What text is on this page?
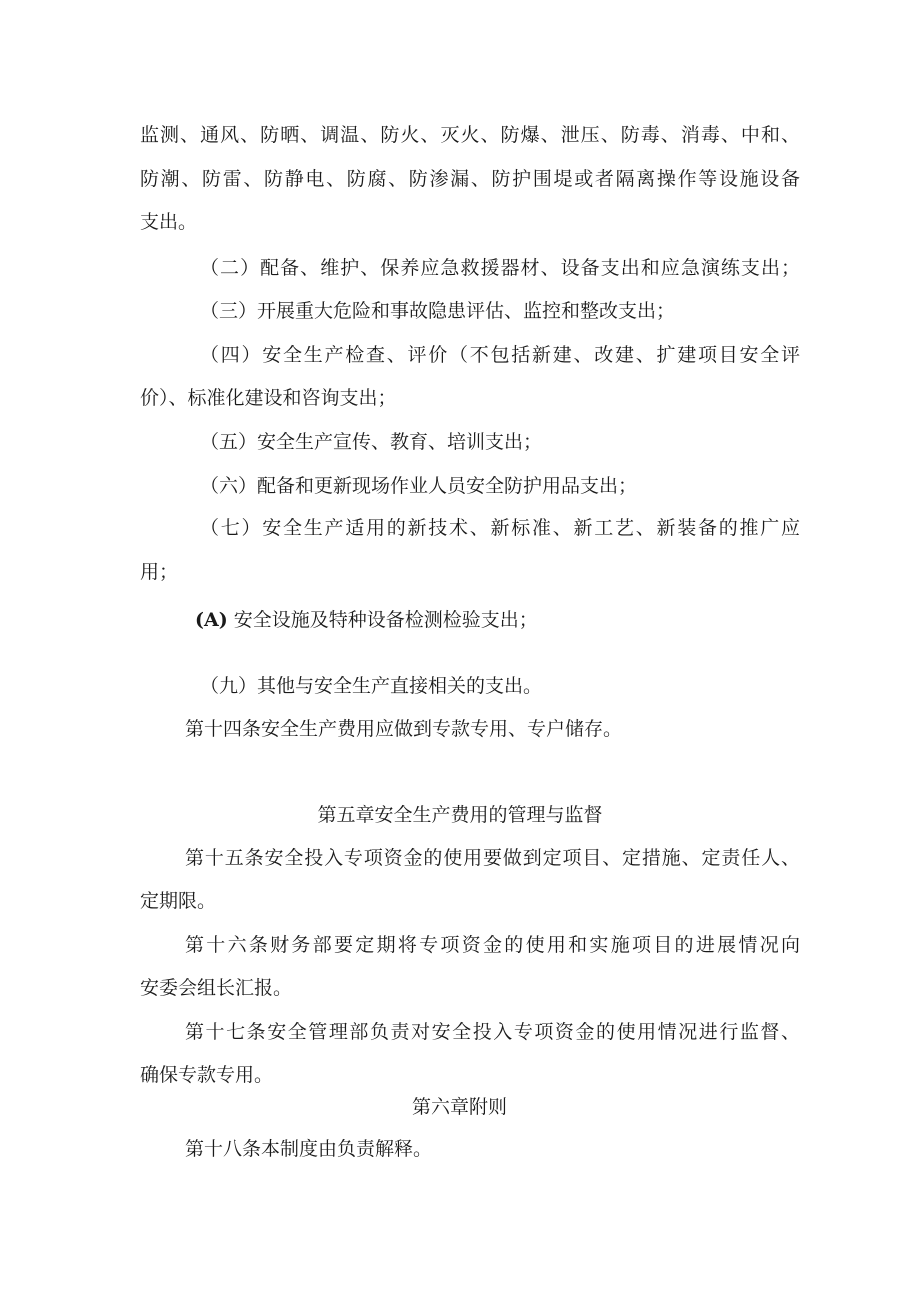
监测、通风、防晒、调温、防火、灭火、防爆、泄压、防毒、消毒、中和、
防潮、防雷、防静电、防腐、防渗漏、防护围堤或者隔离操作等设施设备
支出。
（二）配备、维护、保养应急救援器材、设备支出和应急演练支出；
（三）开展重大危险和事故隐患评估、监控和整改支出；
（四）安全生产检查、评价（不包括新建、改建、扩建项目安全评
价）、标准化建设和咨询支出；
（五）安全生产宣传、教育、培训支出；
（六）配备和更新现场作业人员安全防护用品支出；
（七）安全生产适用的新技术、新标准、新工艺、新装备的推广应
用；
(A) 安全设施及特种设备检测检验支出；
（九）其他与安全生产直接相关的支出。
第十四条安全生产费用应做到专款专用、专户储存。
第五章安全生产费用的管理与监督
第十五条安全投入专项资金的使用要做到定项目、定措施、定责任人、
定期限。
第十六条财务部要定期将专项资金的使用和实施项目的进展情况向
安委会组长汇报。
第十七条安全管理部负责对安全投入专项资金的使用情况进行监督、
确保专款专用。
第六章附则
第十八条本制度由负责解释。
